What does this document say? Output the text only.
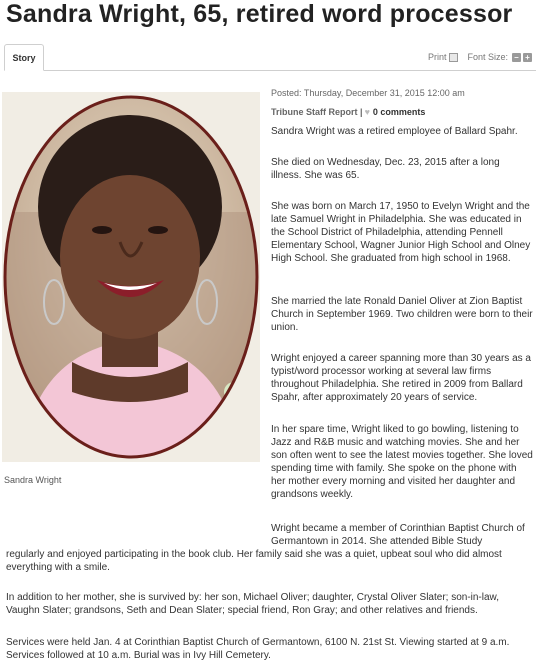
Sandra Wright, 65, retired word processor
Story	Print Font Size: – +
Sandra Wright
Posted: Thursday, December 31, 2015 12:00 am
Tribune Staff Report | ♥ 0 comments

Sandra Wright was a retired employee of Ballard Spahr.

She died on Wednesday, Dec. 23, 2015 after a long illness. She was 65.

She was born on March 17, 1950 to Evelyn Wright and the late Samuel Wright in Philadelphia. She was educated in the School District of Philadelphia, attending Pennell Elementary School, Wagner Junior High School and Olney High School. She graduated from high school in 1968.

She married the late Ronald Daniel Oliver at Zion Baptist Church in September 1969. Two children were born to their union.

Wright enjoyed a career spanning more than 30 years as a typist/word processor working at several law firms throughout Philadelphia. She retired in 2009 from Ballard Spahr, after approximately 20 years of service.

In her spare time, Wright liked to go bowling, listening to Jazz and R&B music and watching movies. She and her son often went to see the latest movies together. She loved spending time with family. She spoke on the phone with her mother every morning and visited her daughter and grandsons weekly.

Wright became a member of Corinthian Baptist Church of Germantown in 2014. She attended Bible Study

regularly and enjoyed participating in the book club. Her family said she was a quiet, upbeat soul who did almost everything with a smile.

In addition to her mother, she is survived by: her son, Michael Oliver; daughter, Crystal Oliver Slater; son-in-law, Vaughn Slater; grandsons, Seth and Dean Slater; special friend, Ron Gray; and other relatives and friends.

Services were held Jan. 4 at Corinthian Baptist Church of Germantown, 6100 N. 21st St. Viewing started at 9 a.m. Services followed at 10 a.m. Burial was in Ivy Hill Cemetery.
